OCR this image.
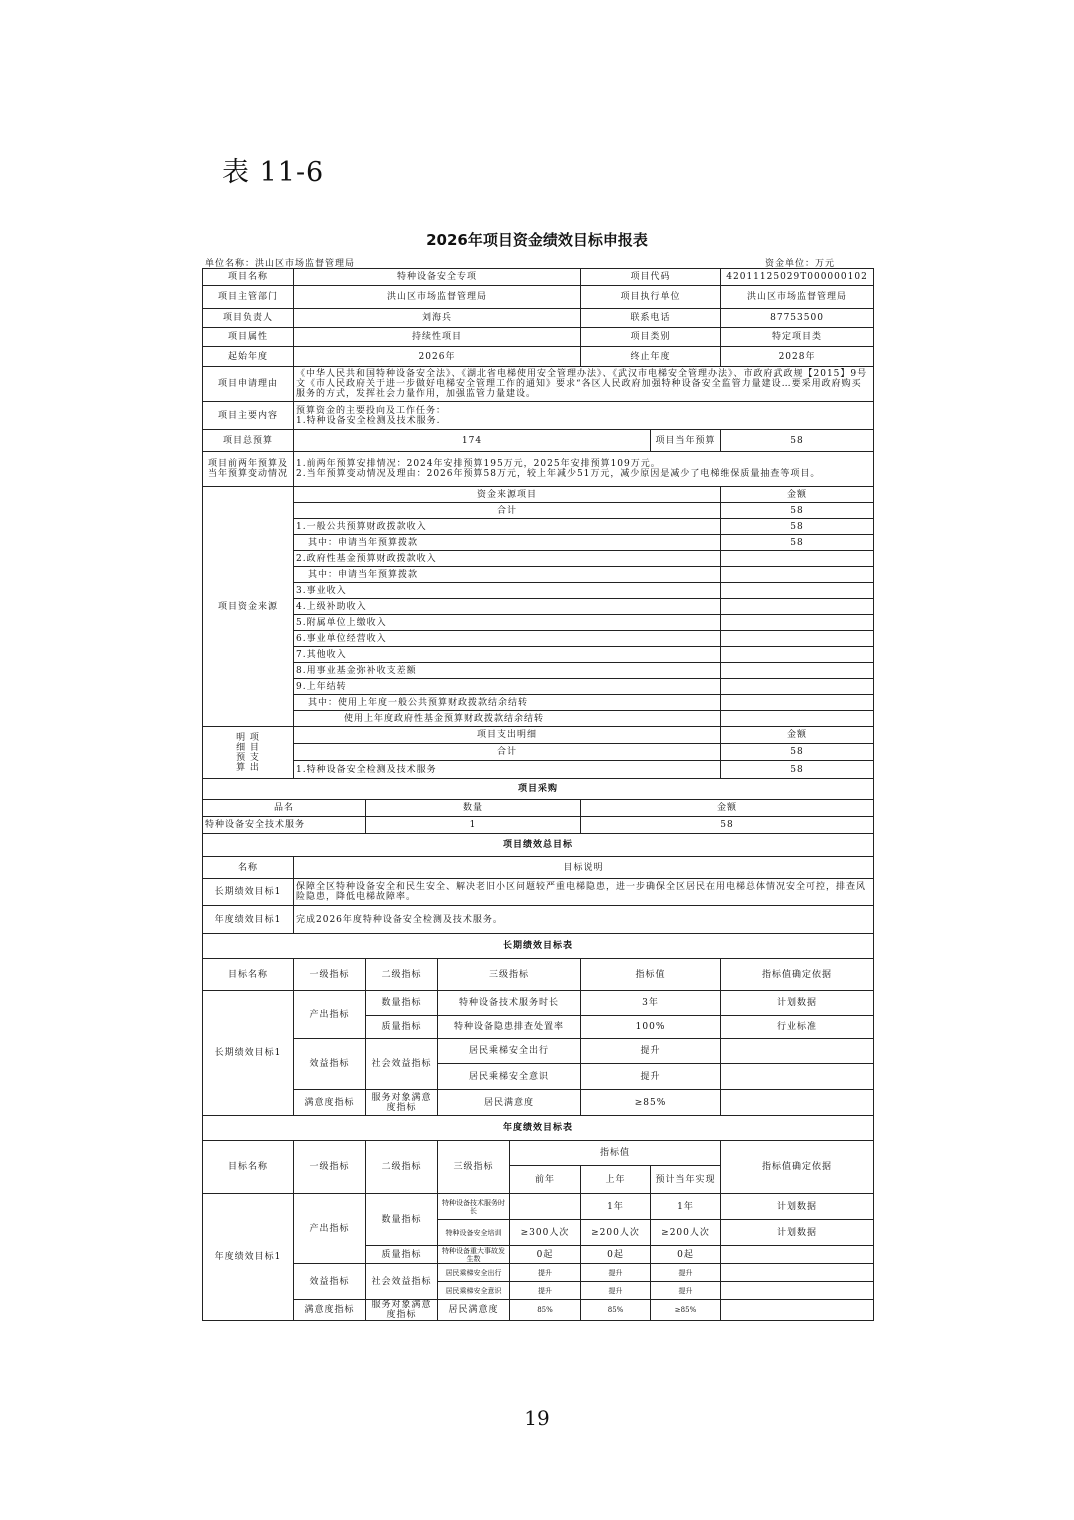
表 11-6
2026年项目资金绩效目标申报表
单位名称：洪山区市场监督管理局	资金单位：万元
项目名称	特种设备安全专项				项目代码		42011125029T000000102
项目主管部门	洪山区市场监督管理局				项目执行单位		洪山区市场监督管理局
项目负责人	刘海兵				联系电话		87753500
项目属性	持续性项目				项目类别		特定项目类
起始年度	2026年				终止年度		2028年
项目申请理由	《中华人民共和国特种设备安全法》、《湖北省电梯使用安全管理办法》、《武汉市电梯安全管理办法》、市政府武政规【2015】9号文《市人民政府关于进一步做好电梯安全管理工作的通知》要求“各区人民政府加强特种设备安全监管力量建设…要采用政府购买服务的方式，发挥社会力量作用，加强监管力量建设。						
项目主要内容	预算资金的主要投向及工作任务：
1.特种设备安全检测及技术服务.						
项目总预算	174					项目当年预算	58
项目前两年预算及当年预算变动情况	1.前两年预算安排情况：2024年安排预算195万元，2025年安排预算109万元。
2.当年预算变动情况及理由：2026年预算58万元，较上年减少51万元，减少原因是减少了电梯维保质量抽查等项目。						
项目资金来源	资金来源项目						金额
	合计						58
	1.一般公共预算财政拨款收入						58
	其中：申请当年预算拨款						58
	2.政府性基金预算财政拨款收入						
	其中：申请当年预算拨款						
	3.事业收入						
	4.上级补助收入						
	5.附属单位上缴收入						
	6.事业单位经营收入						
	7.其他收入						
	8.用事业基金弥补收支差额						
	9.上年结转						
	其中：使用上年度一般公共预算财政拨款结余结转						
	使用上年度政府性基金预算财政拨款结余结转						
明 项
细 目
预 支
算 出	项目支出明细						金额
	合计						58
	1.特种设备安全检测及技术服务						58
项目采购							
品名		数量			金额		
特种设备安全技术服务		1			58		
项目绩效总目标							
名称	目标说明						
长期绩效目标1	保障全区特种设备安全和民生安全、解决老旧小区问题较严重电梯隐患，进一步确保全区居民在用电梯总体情况安全可控，排查风险隐患，降低电梯故障率。						
年度绩效目标1	完成2026年度特种设备安全检测及技术服务。						
长期绩效目标表							
目标名称	一级指标	二级指标	三级指标		指标值		指标值确定依据
长期绩效目标1	产出指标	数量指标	特种设备技术服务时长		3年		计划数据
		质量指标	特种设备隐患排查处置率		100%		行业标准
	效益指标	社会效益指标	居民乘梯安全出行		提升		
			居民乘梯安全意识		提升		
	满意度指标	服务对象满意度指标	居民满意度		≥85%		
年度绩效目标表							
目标名称	一级指标	二级指标	三级指标	指标值			指标值确定依据
				前年	上年	预计当年实现	
年度绩效目标1	产出指标	数量指标	特种设备技术服务时长		1年	1年	计划数据
			特种设备安全培训	≥300人次	≥200人次	≥200人次	计划数据
		质量指标	特种设备重大事故发生数	0起	0起	0起	
	效益指标	社会效益指标	居民乘梯安全出行	提升	提升	提升	
			居民乘梯安全意识	提升	提升	提升	
	满意度指标	服务对象满意度指标	居民满意度	85%	85%	≥85%	
19
